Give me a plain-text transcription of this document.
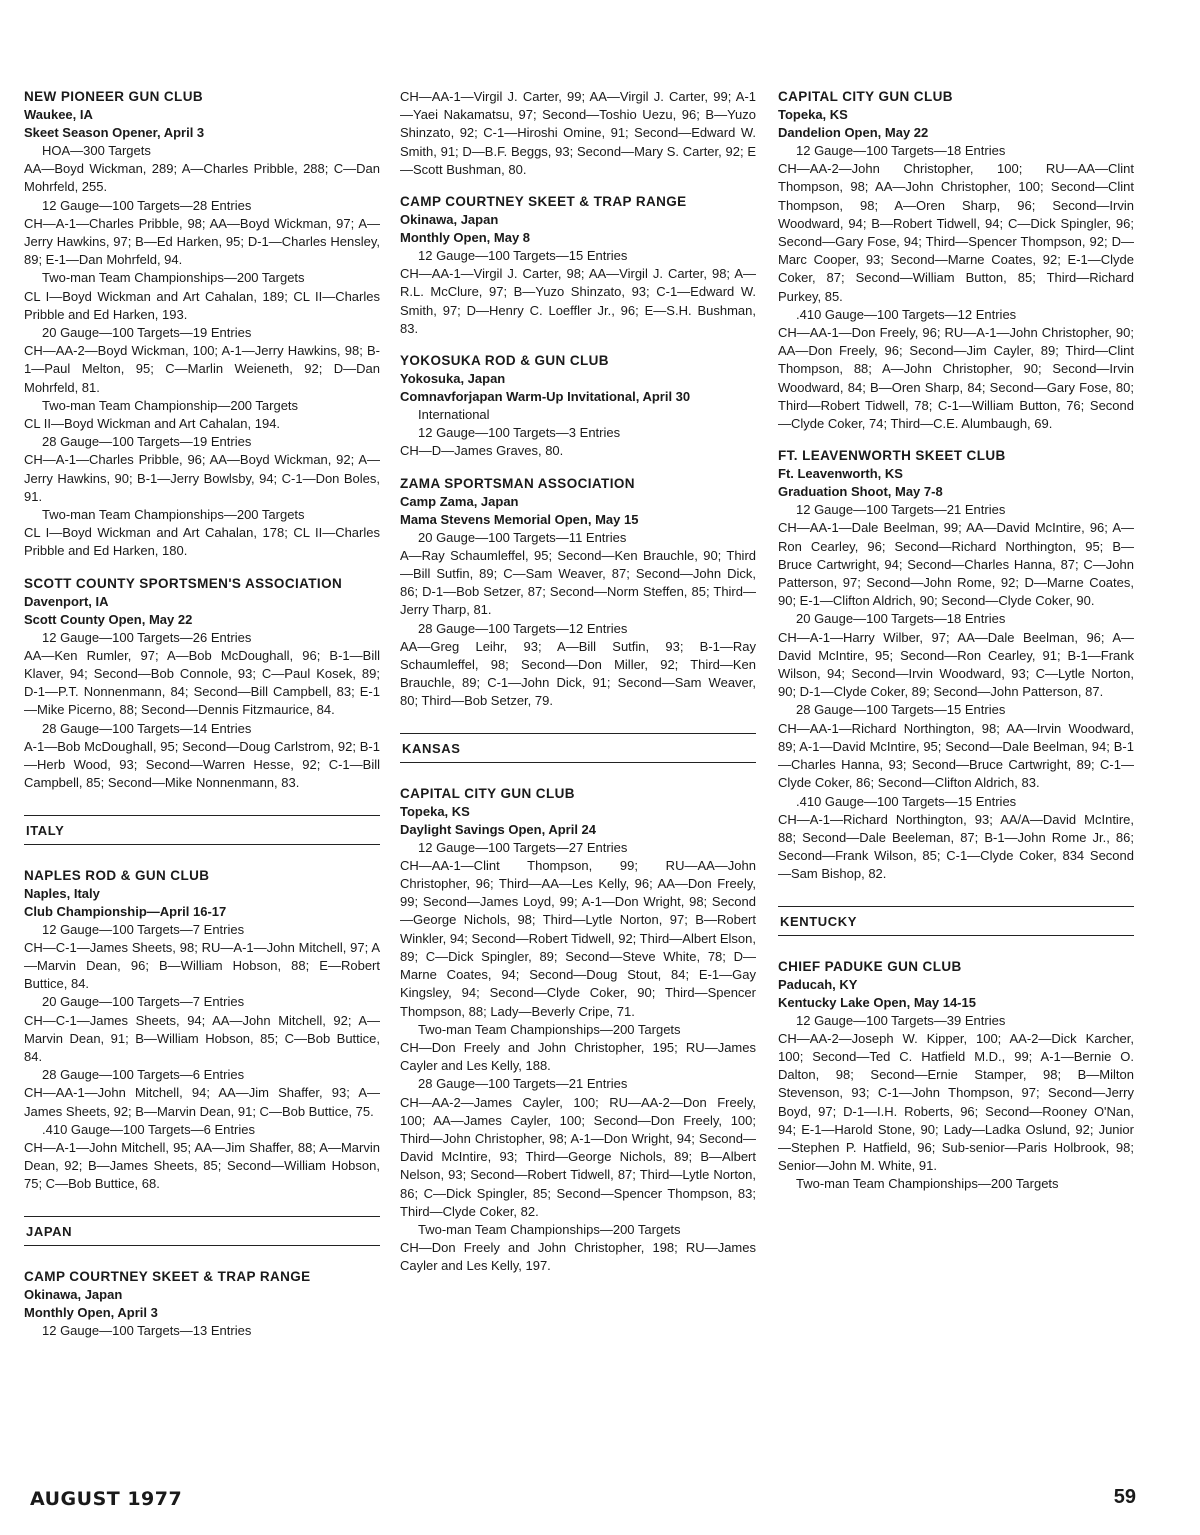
NEW PIONEER GUN CLUB
Waukee, IA
Skeet Season Opener, April 3

HOA—300 Targets

AA—Boyd Wickman, 289; A—Charles Pribble, 288; C—Dan Mohrfeld, 255.

12 Gauge—100 Targets—28 Entries

CH—A-1—Charles Pribble, 98; AA—Boyd Wickman, 97; A—Jerry Hawkins, 97; B—Ed Harken, 95; D-1—Charles Hensley, 89; E-1—Dan Mohrfeld, 94.

Two-man Team Championships—200 Targets

CL I—Boyd Wickman and Art Cahalan, 189; CL II—Charles Pribble and Ed Harken, 193.

20 Gauge—100 Targets—19 Entries

CH—AA-2—Boyd Wickman, 100; A-1—Jerry Hawkins, 98; B-1—Paul Melton, 95; C—Marlin Weieneth, 92; D—Dan Mohrfeld, 81.

Two-man Team Championship—200 Targets

CL II—Boyd Wickman and Art Cahalan, 194.

28 Gauge—100 Targets—19 Entries

CH—A-1—Charles Pribble, 96; AA—Boyd Wickman, 92; A—Jerry Hawkins, 90; B-1—Jerry Bowlsby, 94; C-1—Don Boles, 91.

Two-man Team Championships—200 Targets

CL I—Boyd Wickman and Art Cahalan, 178; CL II—Charles Pribble and Ed Harken, 180.

SCOTT COUNTY SPORTSMEN'S ASSOCIATION
Davenport, IA
Scott County Open, May 22

12 Gauge—100 Targets—26 Entries

AA—Ken Rumler, 97; A—Bob McDoughall, 96; B-1—Bill Klaver, 94; Second—Bob Connole, 93; C—Paul Kosek, 89; D-1—P.T. Nonnenmann, 84; Second—Bill Campbell, 83; E-1—Mike Picerno, 88; Second—Dennis Fitzmaurice, 84.

28 Gauge—100 Targets—14 Entries

A-1—Bob McDoughall, 95; Second—Doug Carlstrom, 92; B-1—Herb Wood, 93; Second—Warren Hesse, 92; C-1—Bill Campbell, 85; Second—Mike Nonnenmann, 83.

ITALY
NAPLES ROD & GUN CLUB
Naples, Italy
Club Championship—April 16-17

12 Gauge—100 Targets—7 Entries

CH—C-1—James Sheets, 98; RU—A-1—John Mitchell, 97; A—Marvin Dean, 96; B—William Hobson, 88; E—Robert Buttice, 84.

20 Gauge—100 Targets—7 Entries

CH—C-1—James Sheets, 94; AA—John Mitchell, 92; A—Marvin Dean, 91; B—William Hobson, 85; C—Bob Buttice, 84.

28 Gauge—100 Targets—6 Entries

CH—AA-1—John Mitchell, 94; AA—Jim Shaffer, 93; A—James Sheets, 92; B—Marvin Dean, 91; C—Bob Buttice, 75.

.410 Gauge—100 Targets—6 Entries

CH—A-1—John Mitchell, 95; AA—Jim Shaffer, 88; A—Marvin Dean, 92; B—James Sheets, 85; Second—William Hobson, 75; C—Bob Buttice, 68.

JAPAN
CAMP COURTNEY SKEET & TRAP RANGE
Okinawa, Japan
Monthly Open, April 3

12 Gauge—100 Targets—13 Entries

CH—AA-1—Virgil J. Carter, 99; AA—Virgil J. Carter, 99; A-1—Yaei Nakamatsu, 97; Second—Toshio Uezu, 96; B—Yuzo Shinzato, 92; C-1—Hiroshi Omine, 91; Second—Edward W. Smith, 91; D—B.F. Beggs, 93; Second—Mary S. Carter, 92; E—Scott Bushman, 80.

CAMP COURTNEY SKEET & TRAP RANGE
Okinawa, Japan
Monthly Open, May 8

12 Gauge—100 Targets—15 Entries

CH—AA-1—Virgil J. Carter, 98; AA—Virgil J. Carter, 98; A—R.L. McClure, 97; B—Yuzo Shinzato, 93; C-1—Edward W. Smith, 97; D—Henry C. Loeffler Jr., 96; E—S.H. Bushman, 83.

YOKOSUKA ROD & GUN CLUB
Yokosuka, Japan
Comnavforjapan Warm-Up Invitational, April 30

International

12 Gauge—100 Targets—3 Entries

CH—D—James Graves, 80.

ZAMA SPORTSMAN ASSOCIATION
Camp Zama, Japan
Mama Stevens Memorial Open, May 15

20 Gauge—100 Targets—11 Entries

A—Ray Schaumleffel, 95; Second—Ken Brauchle, 90; Third—Bill Sutfin, 89; C—Sam Weaver, 87; Second—John Dick, 86; D-1—Bob Setzer, 87; Second—Norm Steffen, 85; Third—Jerry Tharp, 81.

28 Gauge—100 Targets—12 Entries

AA—Greg Leihr, 93; A—Bill Sutfin, 93; B-1—Ray Schaumleffel, 98; Second—Don Miller, 92; Third—Ken Brauchle, 89; C-1—John Dick, 91; Second—Sam Weaver, 80; Third—Bob Setzer, 79.

KANSAS
CAPITAL CITY GUN CLUB
Topeka, KS
Daylight Savings Open, April 24

12 Gauge—100 Targets—27 Entries

CH—AA-1—Clint Thompson, 99; RU—AA—John Christopher, 96; Third—AA—Les Kelly, 96; AA—Don Freely, 99; Second—James Loyd, 99; A-1—Don Wright, 98; Second—George Nichols, 98; Third—Lytle Norton, 97; B—Robert Winkler, 94; Second—Robert Tidwell, 92; Third—Albert Elson, 89; C—Dick Spingler, 89; Second—Steve White, 78; D—Marne Coates, 94; Second—Doug Stout, 84; E-1—Gay Kingsley, 94; Second—Clyde Coker, 90; Third—Spencer Thompson, 88; Lady—Beverly Cripe, 71.

Two-man Team Championships—200 Targets

CH—Don Freely and John Christopher, 195; RU—James Cayler and Les Kelly, 188.

28 Gauge—100 Targets—21 Entries

CH—AA-2—James Cayler, 100; RU—AA-2—Don Freely, 100; AA—James Cayler, 100; Second—Don Freely, 100; Third—John Christopher, 98; A-1—Don Wright, 94; Second—David McIntire, 93; Third—George Nichols, 89; B—Albert Nelson, 93; Second—Robert Tidwell, 87; Third—Lytle Norton, 86; C—Dick Spingler, 85; Second—Spencer Thompson, 83; Third—Clyde Coker, 82.

Two-man Team Championships—200 Targets

CH—Don Freely and John Christopher, 198; RU—James Cayler and Les Kelly, 197.

CAPITAL CITY GUN CLUB
Topeka, KS
Dandelion Open, May 22

12 Gauge—100 Targets—18 Entries

CH—AA-2—John Christopher, 100; RU—AA—Clint Thompson, 98; AA—John Christopher, 100; Second—Clint Thompson, 98; A—Oren Sharp, 96; Second—Irvin Woodward, 94; B—Robert Tidwell, 94; C—Dick Spingler, 96; Second—Gary Fose, 94; Third—Spencer Thompson, 92; D—Marc Cooper, 93; Second—Marne Coates, 92; E-1—Clyde Coker, 87; Second—William Button, 85; Third—Richard Purkey, 85.

.410 Gauge—100 Targets—12 Entries

CH—AA-1—Don Freely, 96; RU—A-1—John Christopher, 90; AA—Don Freely, 96; Second—Jim Cayler, 89; Third—Clint Thompson, 88; A—John Christopher, 90; Second—Irvin Woodward, 84; B—Oren Sharp, 84; Second—Gary Fose, 80; Third—Robert Tidwell, 78; C-1—William Button, 76; Second—Clyde Coker, 74; Third—C.E. Alumbaugh, 69.

FT. LEAVENWORTH SKEET CLUB
Ft. Leavenworth, KS
Graduation Shoot, May 7-8

12 Gauge—100 Targets—21 Entries

CH—AA-1—Dale Beelman, 99; AA—David McIntire, 96; A—Ron Cearley, 96; Second—Richard Northington, 95; B—Bruce Cartwright, 94; Second—Charles Hanna, 87; C—John Patterson, 97; Second—John Rome, 92; D—Marne Coates, 90; E-1—Clifton Aldrich, 90; Second—Clyde Coker, 90.

20 Gauge—100 Targets—18 Entries

CH—A-1—Harry Wilber, 97; AA—Dale Beelman, 96; A—David McIntire, 95; Second—Ron Cearley, 91; B-1—Frank Wilson, 94; Second—Irvin Woodward, 93; C—Lytle Norton, 90; D-1—Clyde Coker, 89; Second—John Patterson, 87.

28 Gauge—100 Targets—15 Entries

CH—AA-1—Richard Northington, 98; AA—Irvin Woodward, 89; A-1—David McIntire, 95; Second—Dale Beelman, 94; B-1—Charles Hanna, 93; Second—Bruce Cartwright, 89; C-1—Clyde Coker, 86; Second—Clifton Aldrich, 83.

.410 Gauge—100 Targets—15 Entries

CH—A-1—Richard Northington, 93; AA/A—David McIntire, 88; Second—Dale Beeleman, 87; B-1—John Rome Jr., 86; Second—Frank Wilson, 85; C-1—Clyde Coker, 834 Second—Sam Bishop, 82.

KENTUCKY
CHIEF PADUKE GUN CLUB
Paducah, KY
Kentucky Lake Open, May 14-15

12 Gauge—100 Targets—39 Entries

CH—AA-2—Joseph W. Kipper, 100; AA-2—Dick Karcher, 100; Second—Ted C. Hatfield M.D., 99; A-1—Bernie O. Dalton, 98; Second—Ernie Stamper, 98; B—Milton Stevenson, 93; C-1—John Thompson, 97; Second—Jerry Boyd, 97; D-1—I.H. Roberts, 96; Second—Rooney O'Nan, 94; E-1—Harold Stone, 90; Lady—Ladka Oslund, 92; Junior—Stephen P. Hatfield, 96; Sub-senior—Paris Holbrook, 98; Senior—John M. White, 91.

Two-man Team Championships—200 Targets

AUGUST 1977	59
